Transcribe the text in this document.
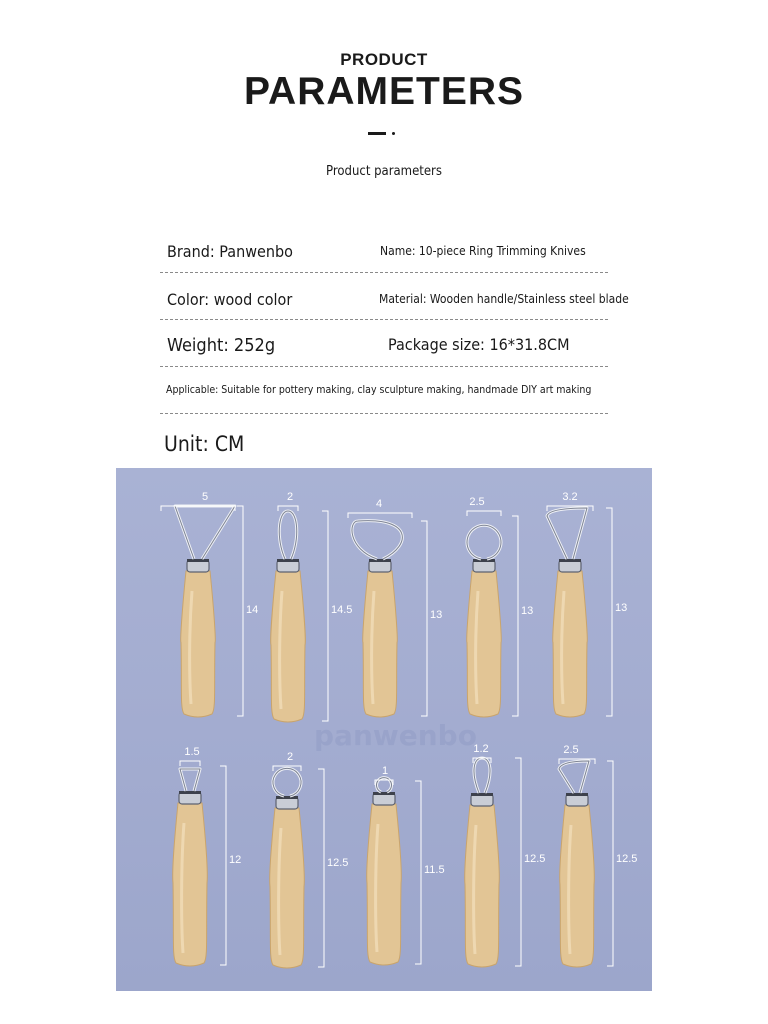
PRODUCT
PARAMETERS
Product parameters
Brand: Panwenbo	Name: 10-piece Ring Trimming Knives
Color: wood color	Material: Wooden handle/Stainless steel blade
Weight: 252g	Package size: 16*31.8CM
Applicable: Suitable for pottery making, clay sculpture making, handmade DIY art making
Unit: CM
panwenbo
5
14
2
14.5
4
13
2.5
13
3.2
13
1.5
12
2
12.5
1
11.5
1.2
12.5
2.5
12.5
